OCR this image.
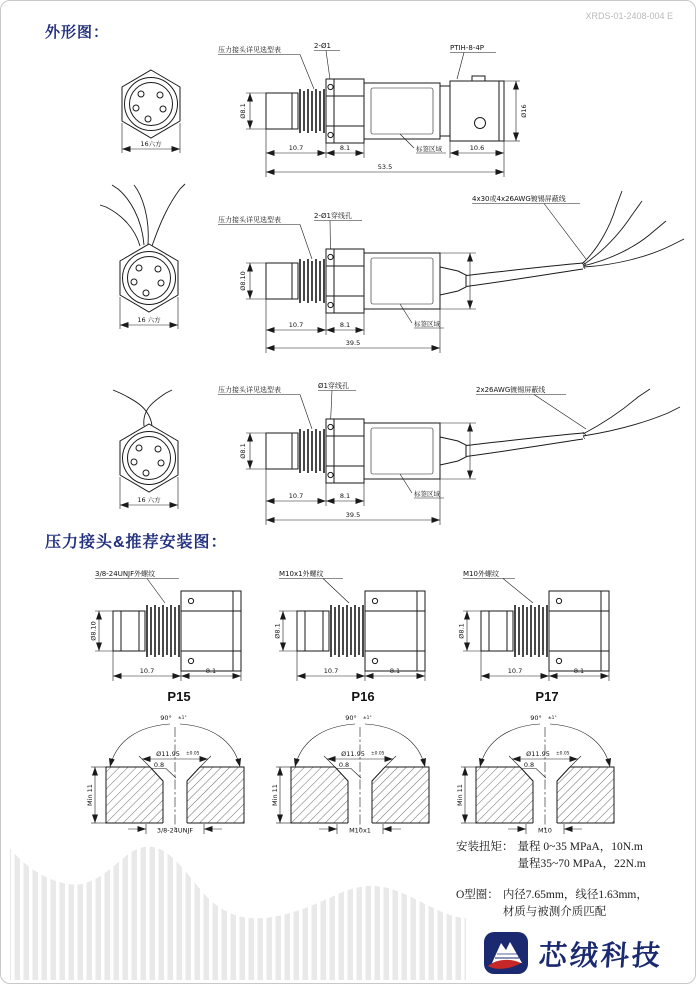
外形图：
XRDS-01-2408-004 E
16六方
压力接头详见选型表	2-Ø1	PTIH-8-4P
标签区域
Ø8.1
10.7	8.1	10.6
Ø16
53.5
16 六方
压力接头详见选型表	2-Ø1穿线孔
4x30或4x26AWG镀锡屏蔽线
Ø8.10
10.7	8.1
39.5
标签区域
16 六方
压力接头详见选型表	Ø1穿线孔	2x26AWG镀锡屏蔽线
Ø8.1
10.7	8.1
39.5
标签区域
压力接头&推荐安装图：
3/8-24UNJF外螺纹
Ø8.10
10.7	8.1
P15
M10x1外螺纹
Ø8.1
10.7	8.1
P16
M10外螺纹
Ø8.1
10.7	8.1
P17
90° ±1°
Ø11.95 ±0.05
0.8
Min 11
3/8-24UNJF
90° ±1°
Ø11.95 ±0.05
0.8
Min 11
M10x1
90° ±1°
Ø11.95 ±0.05
0.8
Min 11
M10
安装扭矩： 量程 0~35 MPaA，10N.m
量程35~70 MPaA，22N.m
O型圈： 内径7.65mm，线径1.63mm，
材质与被测介质匹配
芯绒科技
